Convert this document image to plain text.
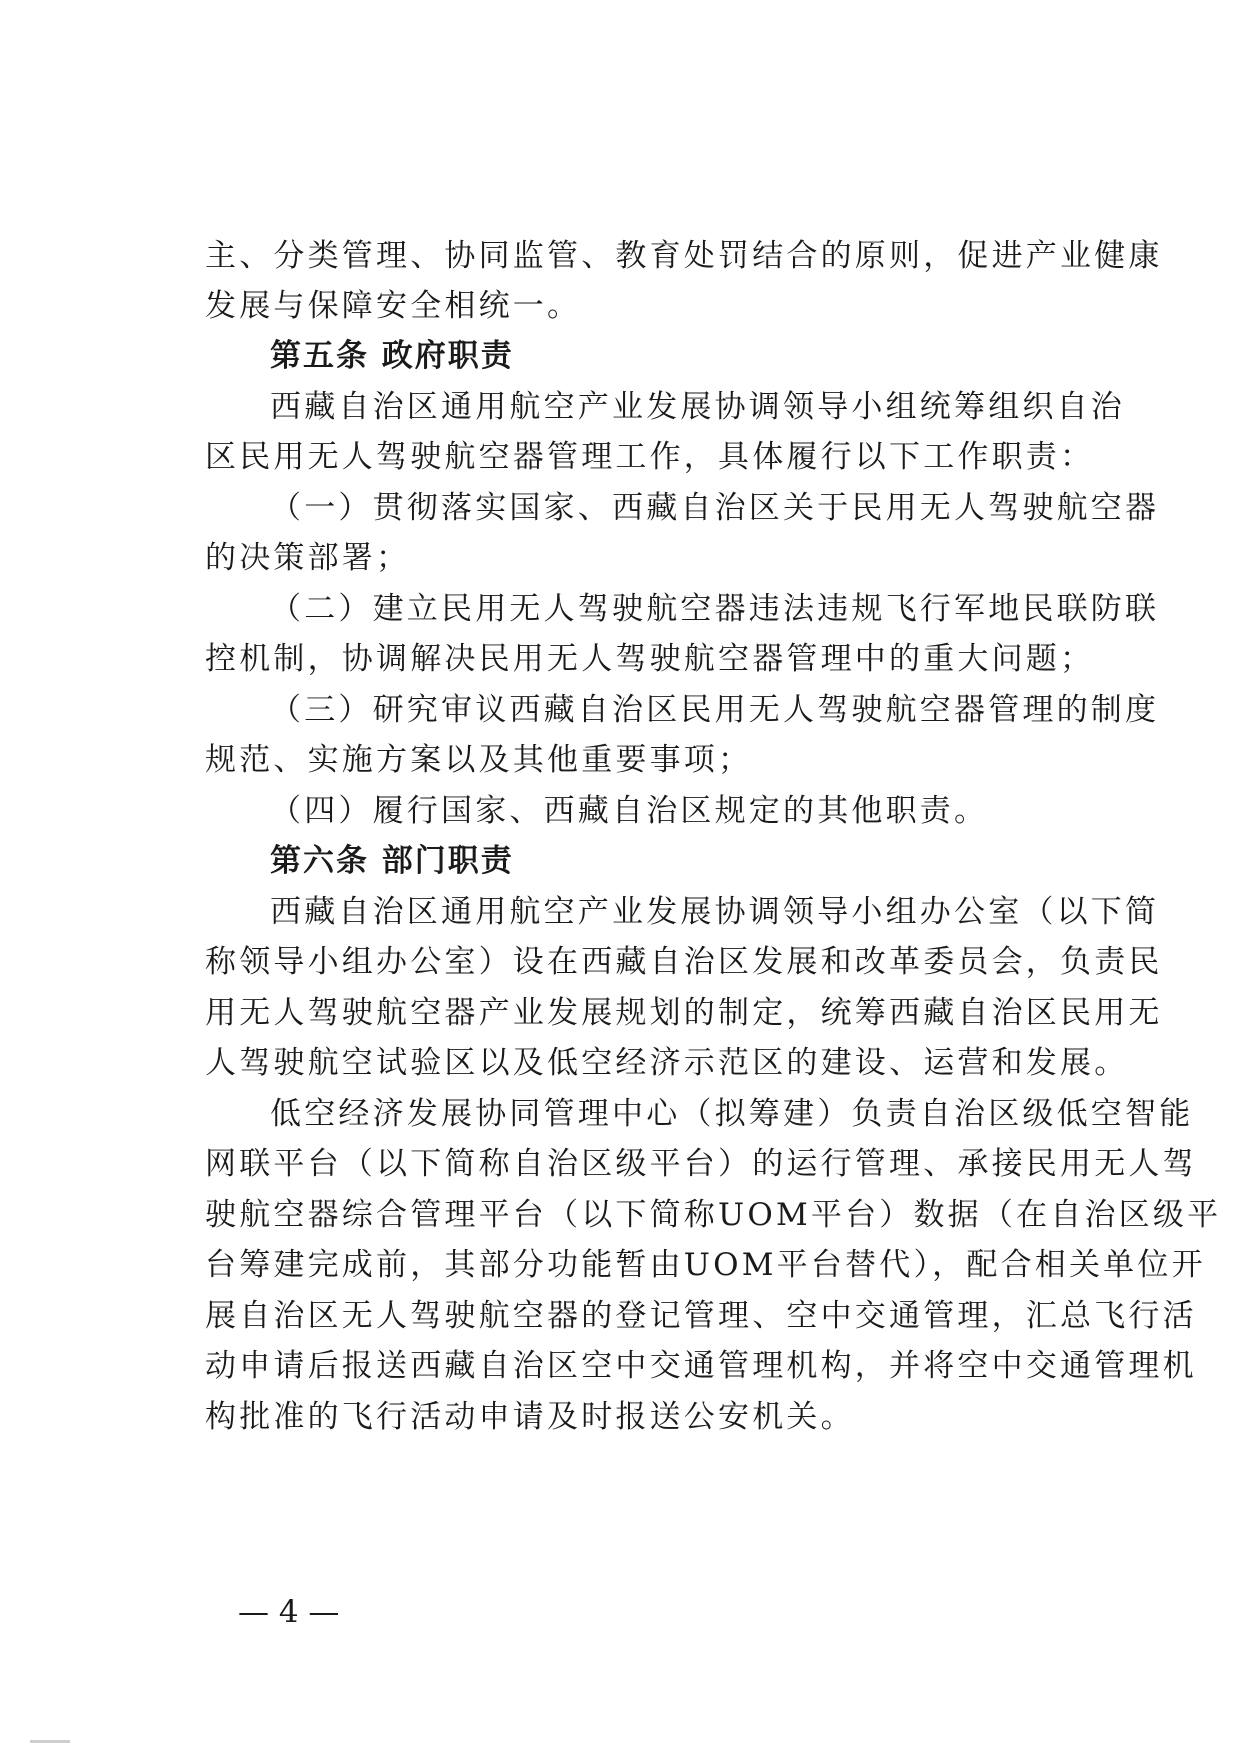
主、分类管理、协同监管、教育处罚结合的原则，促进产业健康
发展与保障安全相统一。
第五条 政府职责
西藏自治区通用航空产业发展协调领导小组统筹组织自治
区民用无人驾驶航空器管理工作，具体履行以下工作职责：
（一）贯彻落实国家、西藏自治区关于民用无人驾驶航空器
的决策部署；
（二）建立民用无人驾驶航空器违法违规飞行军地民联防联
控机制，协调解决民用无人驾驶航空器管理中的重大问题；
（三）研究审议西藏自治区民用无人驾驶航空器管理的制度
规范、实施方案以及其他重要事项；
（四）履行国家、西藏自治区规定的其他职责。
第六条 部门职责
西藏自治区通用航空产业发展协调领导小组办公室（以下简
称领导小组办公室）设在西藏自治区发展和改革委员会，负责民
用无人驾驶航空器产业发展规划的制定，统筹西藏自治区民用无
人驾驶航空试验区以及低空经济示范区的建设、运营和发展。
低空经济发展协同管理中心（拟筹建）负责自治区级低空智能
网联平台（以下简称自治区级平台）的运行管理、承接民用无人驾
驶航空器综合管理平台（以下简称UOM平台）数据（在自治区级平
台筹建完成前，其部分功能暂由UOM平台替代），配合相关单位开
展自治区无人驾驶航空器的登记管理、空中交通管理，汇总飞行活
动申请后报送西藏自治区空中交通管理机构，并将空中交通管理机
构批准的飞行活动申请及时报送公安机关。
— 4 —
